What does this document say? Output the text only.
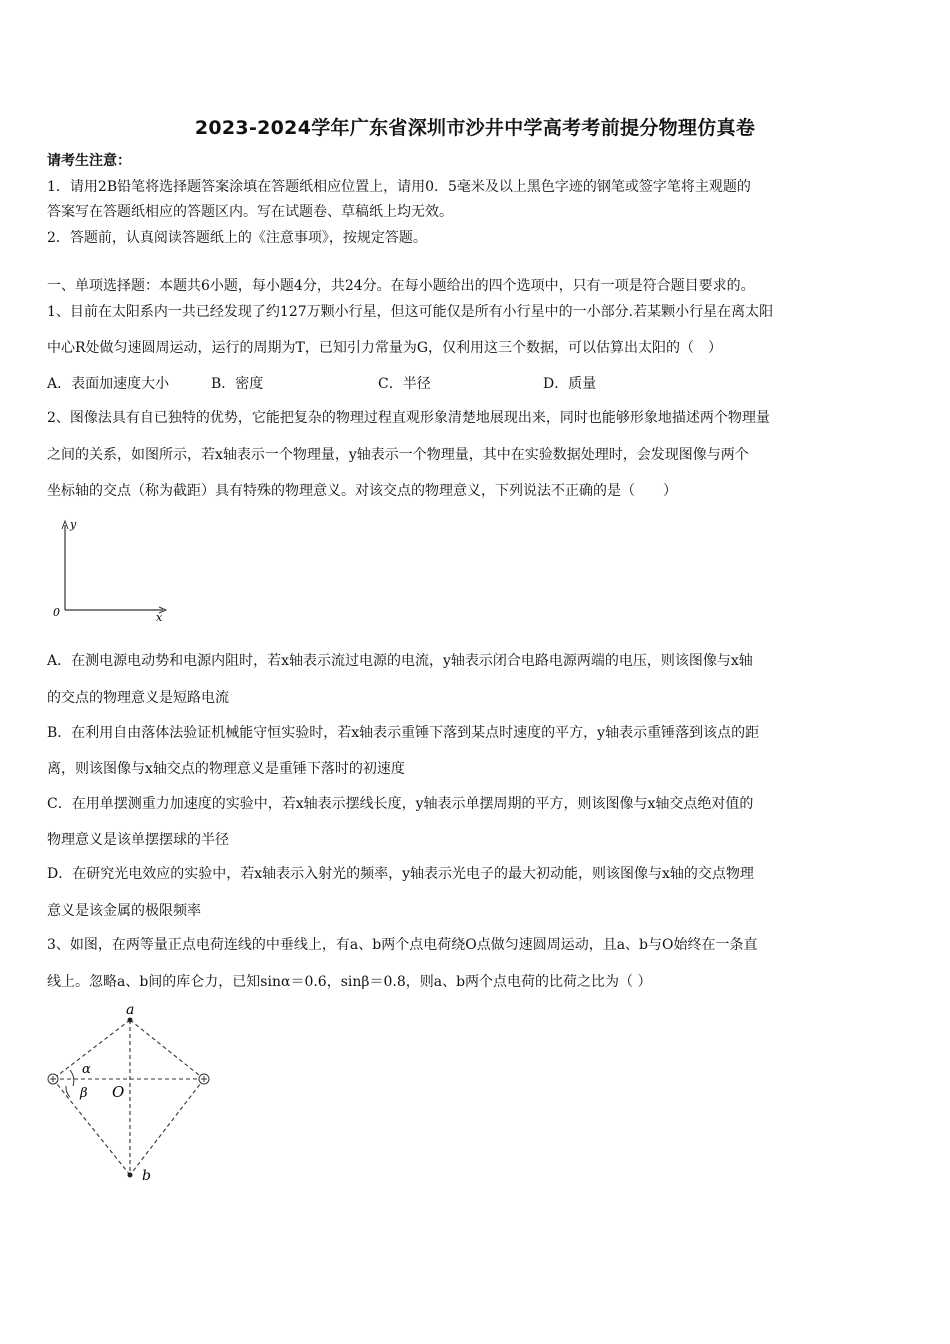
2023-2024学年广东省深圳市沙井中学高考考前提分物理仿真卷
请考生注意：
1．请用2B铅笔将选择题答案涂填在答题纸相应位置上，请用0．5毫米及以上黑色字迹的钢笔或签字笔将主观题的
答案写在答题纸相应的答题区内。写在试题卷、草稿纸上均无效。
2．答题前，认真阅读答题纸上的《注意事项》，按规定答题。
一、单项选择题：本题共6小题，每小题4分，共24分。在每小题给出的四个选项中，只有一项是符合题目要求的。
1、目前在太阳系内一共已经发现了约127万颗小行星，但这可能仅是所有小行星中的一小部分.若某颗小行星在离太阳
中心R处做匀速圆周运动，运行的周期为T，已知引力常量为G，仅利用这三个数据，可以估算出太阳的（　）
A．表面加速度大小	B．密度	C．半径	D．质量
2、图像法具有自已独特的优势，它能把复杂的物理过程直观形象清楚地展现出来，同时也能够形象地描述两个物理量
之间的关系，如图所示，若x轴表示一个物理量，y轴表示一个物理量，其中在实验数据处理时，会发现图像与两个
坐标轴的交点（称为截距）具有特殊的物理意义。对该交点的物理意义，下列说法不正确的是（　　）
y
x
0
A．在测电源电动势和电源内阻时，若x轴表示流过电源的电流，y轴表示闭合电路电源两端的电压，则该图像与x轴
的交点的物理意义是短路电流
B．在利用自由落体法验证机械能守恒实验时，若x轴表示重锤下落到某点时速度的平方，y轴表示重锤落到该点的距
离，则该图像与x轴交点的物理意义是重锤下落时的初速度
C．在用单摆测重力加速度的实验中，若x轴表示摆线长度，y轴表示单摆周期的平方，则该图像与x轴交点绝对值的
物理意义是该单摆摆球的半径
D．在研究光电效应的实验中，若x轴表示入射光的频率，y轴表示光电子的最大初动能，则该图像与x轴的交点物理
意义是该金属的极限频率
3、如图，在两等量正点电荷连线的中垂线上，有a、b两个点电荷绕O点做匀速圆周运动，且a、b与O始终在一条直
线上。忽略a、b间的库仑力，已知sinα＝0.6，sinβ＝0.8，则a、b两个点电荷的比荷之比为（ ）
a
b
O
α
β
